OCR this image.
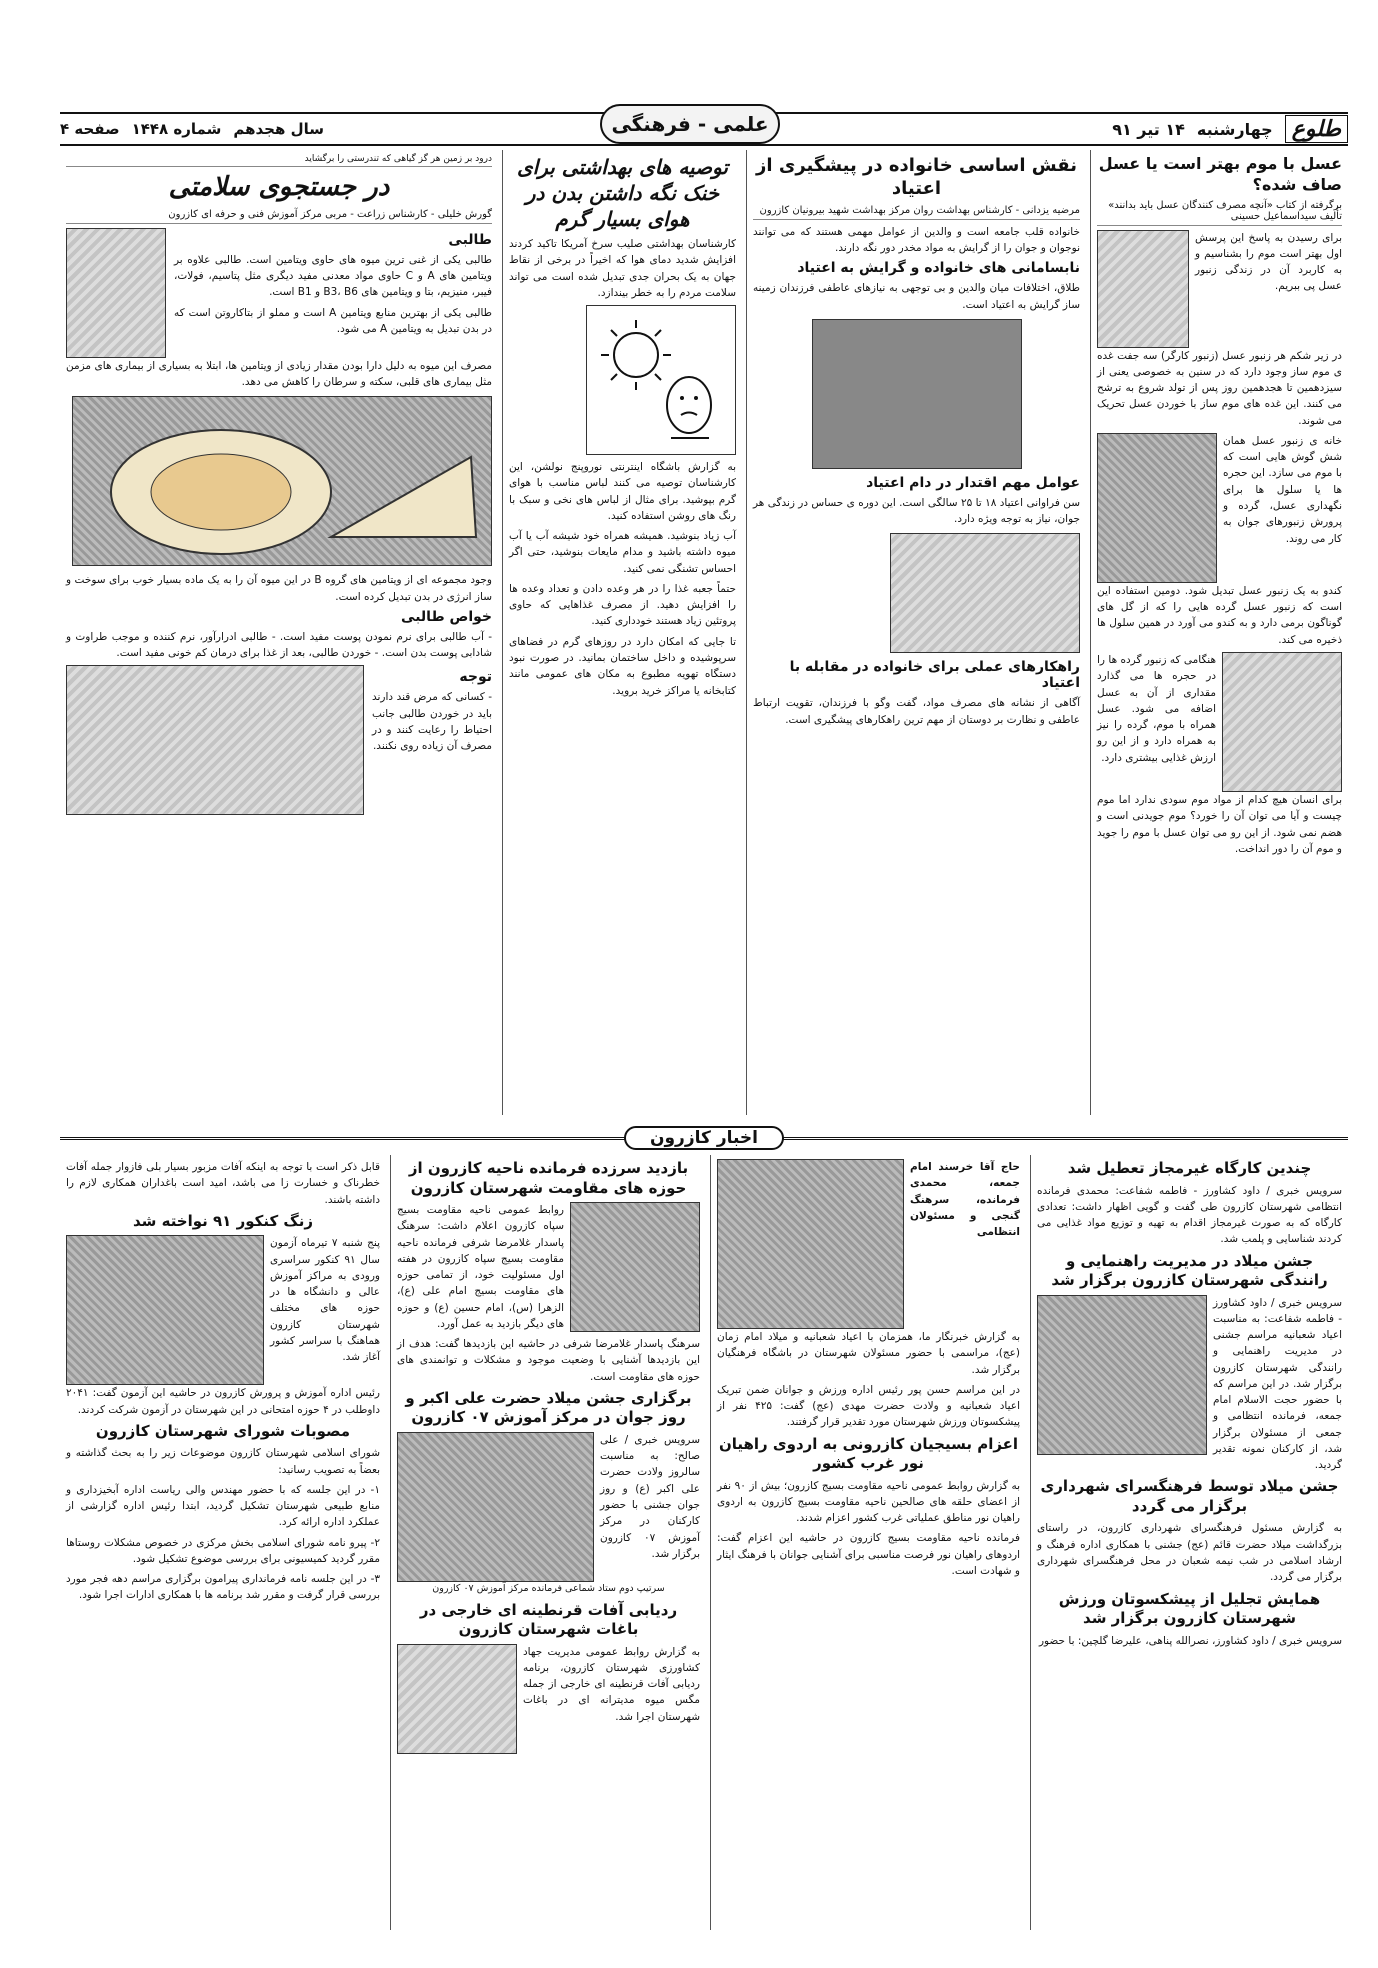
طلوع
چهارشنبه
۱۴ تیر ۹۱
سال هجدهم
شماره ۱۴۴۸
صفحه ۴	علمی - فرهنگی
عسل با موم بهتر است یا عسل صاف شده؟
برگرفته از کتاب «آنچه مصرف کنندگان عسل باید بدانند» تألیف سیداسماعیل حسینی

برای رسیدن به پاسخ این پرسش اول بهتر است موم را بشناسیم و به کاربرد آن در زندگی زنبور عسل پی ببریم.

در زیر شکم هر زنبور عسل (زنبور کارگر) سه جفت غده ی موم ساز وجود دارد که در سنین به خصوصی یعنی از سیزدهمین تا هجدهمین روز پس از تولد شروع به ترشح می کنند. این غده های موم ساز با خوردن عسل تحریک می شوند.

خانه ی زنبور عسل همان شش گوش هایی است که با موم می سازد. این حجره ها یا سلول ها برای نگهداری عسل، گرده و پرورش زنبورهای جوان به کار می روند.

کندو به یک زنبور عسل تبدیل شود. دومین استفاده این است که زنبور عسل گرده هایی را که از گل های گوناگون برمی دارد و به کندو می آورد در همین سلول ها ذخیره می کند.

هنگامی که زنبور گرده ها را در حجره ها می گذارد مقداری از آن به عسل اضافه می شود. عسل همراه با موم، گرده را نیز به همراه دارد و از این رو ارزش غذایی بیشتری دارد.

برای انسان هیچ کدام از مواد موم سودی ندارد اما موم چیست و آیا می توان آن را خورد؟ موم جویدنی است و هضم نمی شود. از این رو می توان عسل با موم را جوید و موم آن را دور انداخت.

نقش اساسی خانواده در پیشگیری از اعتیاد
مرضیه یزدانی - کارشناس بهداشت روان مرکز بهداشت شهید بیرونیان کازرون

خانواده قلب جامعه است و والدین از عوامل مهمی هستند که می توانند نوجوان و جوان را از گرایش به مواد مخدر دور نگه دارند.

نابسامانی های خانواده و گرایش به اعتیاد

طلاق، اختلافات میان والدین و بی توجهی به نیازهای عاطفی فرزندان زمینه ساز گرایش به اعتیاد است.

عوامل مهم اقتدار در دام اعتیاد

سن فراوانی اعتیاد ۱۸ تا ۲۵ سالگی است. این دوره ی حساس در زندگی هر جوان، نیاز به توجه ویژه دارد.

راهکارهای عملی برای خانواده در مقابله با اعتیاد

آگاهی از نشانه های مصرف مواد، گفت وگو با فرزندان، تقویت ارتباط عاطفی و نظارت بر دوستان از مهم ترین راهکارهای پیشگیری است.

توصیه های بهداشتی برای خنک نگه داشتن بدن در هوای بسیار گرم

کارشناسان بهداشتی صلیب سرخ آمریکا تاکید کردند افزایش شدید دمای هوا که اخیراً در برخی از نقاط جهان به یک بحران جدی تبدیل شده است می تواند سلامت مردم را به خطر بیندازد.

به گزارش باشگاه اینترنتی نوروپنج نولشن، این کارشناسان توصیه می کنند لباس مناسب با هوای گرم بپوشید. برای مثال از لباس های نخی و سبک با رنگ های روشن استفاده کنید.

آب زیاد بنوشید. همیشه همراه خود شیشه آب یا آب میوه داشته باشید و مدام مایعات بنوشید، حتی اگر احساس تشنگی نمی کنید.

حتماً جعبه غذا را در هر وعده دادن و تعداد وعده ها را افزایش دهید. از مصرف غذاهایی که حاوی پروتئین زیاد هستند خودداری کنید.

تا جایی که امکان دارد در روزهای گرم در فضاهای سرپوشیده و داخل ساختمان بمانید. در صورت نبود دستگاه تهویه مطبوع به مکان های عمومی مانند کتابخانه یا مراکز خرید بروید.

درود بر زمین هر گز گیاهی که تندرستی را برگشاید
در جستجوی سلامتی
گورش خلیلی - کارشناس زراعت - مربی مرکز آموزش فنی و حرفه ای کازرون
طالبی

طالبی یکی از غنی ترین میوه های حاوی ویتامین است. طالبی علاوه بر ویتامین های A و C حاوی مواد معدنی مفید دیگری مثل پتاسیم، فولات، فیبر، منیزیم، بتا و ویتامین های B3، B6 و B1 است.

طالبی یکی از بهترین منابع ویتامین A است و مملو از بتاکاروتن است که در بدن تبدیل به ویتامین A می شود.

مصرف این میوه به دلیل دارا بودن مقدار زیادی از ویتامین ها، ابتلا به بسیاری از بیماری های مزمن مثل بیماری های قلبی، سکته و سرطان را کاهش می دهد.

وجود مجموعه ای از ویتامین های گروه B در این میوه آن را به یک ماده بسیار خوب برای سوخت و ساز انرژی در بدن تبدیل کرده است.

خواص طالبی

- آب طالبی برای نرم نمودن پوست مفید است. - طالبی ادرارآور، نرم کننده و موجب طراوت و شادابی پوست بدن است. - خوردن طالبی، بعد از غذا برای درمان کم خونی مفید است.

توجه

- کسانی که مرض قند دارند باید در خوردن طالبی جانب احتیاط را رعایت کنند و در مصرف آن زیاده روی نکنند.

اخبار کازرون
چندین کارگاه غیرمجاز تعطیل شد

سرویس خبری / داود کشاورز - فاطمه شفاعت: محمدی فرمانده انتظامی شهرستان کازرون طی گفت و گویی اظهار داشت: تعدادی کارگاه که به صورت غیرمجاز اقدام به تهیه و توزیع مواد غذایی می کردند شناسایی و پلمب شد.

جشن میلاد در مدیریت راهنمایی و رانندگی شهرستان کازرون برگزار شد

سرویس خبری / داود کشاورز - فاطمه شفاعت: به مناسبت اعیاد شعبانیه مراسم جشنی در مدیریت راهنمایی و رانندگی شهرستان کازرون برگزار شد. در این مراسم که با حضور حجت الاسلام امام جمعه، فرمانده انتظامی و جمعی از مسئولان برگزار شد، از کارکنان نمونه تقدیر گردید.

جشن میلاد توسط فرهنگسرای شهرداری برگزار می گردد

به گزارش مسئول فرهنگسرای شهرداری کازرون، در راستای بزرگداشت میلاد حضرت قائم (عج) جشنی با همکاری اداره فرهنگ و ارشاد اسلامی در شب نیمه شعبان در محل فرهنگسرای شهرداری برگزار می گردد.

همایش تجلیل از پیشکسوتان ورزش شهرستان کازرون برگزار شد

سرویس خبری / داود کشاورز، نصرالله پناهی، علیرضا گلچین: با حضور

حاج آقا خرسند امام جمعه، محمدی فرمانده، سرهنگ گنجی و مسئولان انتظامی

به گزارش خبرنگار ما، همزمان با اعیاد شعبانیه و میلاد امام زمان (عج)، مراسمی با حضور مسئولان شهرستان در باشگاه فرهنگیان برگزار شد.

در این مراسم حسن پور رئیس اداره ورزش و جوانان ضمن تبریک اعیاد شعبانیه و ولادت حضرت مهدی (عج) گفت: ۴۲۵ نفر از پیشکسوتان ورزش شهرستان مورد تقدیر قرار گرفتند.

اعزام بسیجیان کازرونی به اردوی راهیان نور غرب کشور

به گزارش روابط عمومی ناحیه مقاومت بسیج کازرون؛ بیش از ۹۰ نفر از اعضای حلقه های صالحین ناحیه مقاومت بسیج کازرون به اردوی راهیان نور مناطق عملیاتی غرب کشور اعزام شدند.

فرمانده ناحیه مقاومت بسیج کازرون در حاشیه این اعزام گفت: اردوهای راهیان نور فرصت مناسبی برای آشنایی جوانان با فرهنگ ایثار و شهادت است.

بازدید سرزده فرمانده ناحیه کازرون از حوزه های مقاومت شهرستان کازرون

روابط عمومی ناحیه مقاومت بسیج سپاه کازرون اعلام داشت: سرهنگ پاسدار غلامرضا شرفی فرمانده ناحیه مقاومت بسیج سپاه کازرون در هفته اول مسئولیت خود، از تمامی حوزه های مقاومت بسیج امام علی (ع)، الزهرا (س)، امام حسین (ع) و حوزه های دیگر بازدید به عمل آورد.

سرهنگ پاسدار غلامرضا شرفی در حاشیه این بازدیدها گفت: هدف از این بازدیدها آشنایی با وضعیت موجود و مشکلات و توانمندی های حوزه های مقاومت است.

برگزاری جشن میلاد حضرت علی اکبر و روز جوان در مرکز آموزش ۰۷ کازرون

سرویس خبری / علی صالح: به مناسبت سالروز ولادت حضرت علی اکبر (ع) و روز جوان جشنی با حضور کارکنان در مرکز آموزش ۰۷ کازرون برگزار شد.

سرتیپ دوم ستاد شماعی فرمانده مرکز آموزش ۰۷ کازرون

ردیابی آفات قرنطینه ای خارجی در باغات شهرستان کازرون

به گزارش روابط عمومی مدیریت جهاد کشاورزی شهرستان کازرون، برنامه ردیابی آفات قرنطینه ای خارجی از جمله مگس میوه مدیترانه ای در باغات شهرستان اجرا شد.

قابل ذکر است با توجه به اینکه آفات مزبور بسیار بلی فازوار جمله آفات خطرناک و خسارت زا می باشد، امید است باغداران همکاری لازم را داشته باشند.

زنگ کنکور ۹۱ نواخته شد

پنج شنبه ۷ تیرماه آزمون سال ۹۱ کنکور سراسری ورودی به مراکز آموزش عالی و دانشگاه ها در حوزه های مختلف شهرستان کازرون هماهنگ با سراسر کشور آغاز شد.

رئیس اداره آموزش و پرورش کازرون در حاشیه این آزمون گفت: ۲۰۴۱ داوطلب در ۴ حوزه امتحانی در این شهرستان در آزمون شرکت کردند.

مصوبات شورای شهرستان کازرون

شورای اسلامی شهرستان کازرون موضوعات زیر را به بحث گذاشته و بعضاً به تصویب رسانید:

۱- در این جلسه که با حضور مهندس والی ریاست اداره آبخیزداری و منابع طبیعی شهرستان تشکیل گردید، ابتدا رئیس اداره گزارشی از عملکرد اداره ارائه کرد.

۲- پیرو نامه شورای اسلامی بخش مرکزی در خصوص مشکلات روستاها مقرر گردید کمیسیونی برای بررسی موضوع تشکیل شود.

۳- در این جلسه نامه فرمانداری پیرامون برگزاری مراسم دهه فجر مورد بررسی قرار گرفت و مقرر شد برنامه ها با همکاری ادارات اجرا شود.
